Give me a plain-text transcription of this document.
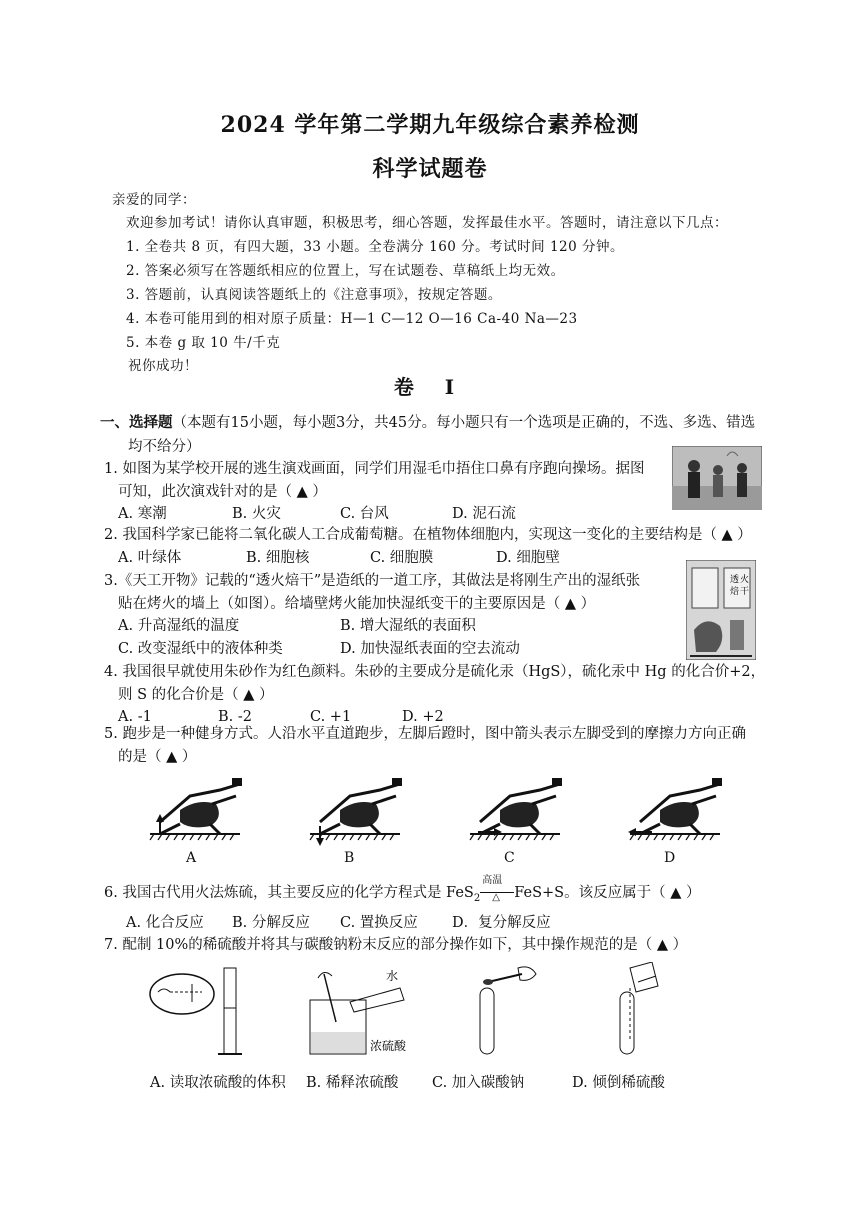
2024 学年第二学期九年级综合素养检测
科学试题卷
亲爱的同学：
欢迎参加考试！请你认真审题，积极思考，细心答题，发挥最佳水平。答题时，请注意以下几点：
1. 全卷共 8 页，有四大题，33 小题。全卷满分 160 分。考试时间 120 分钟。
2. 答案必须写在答题纸相应的位置上，写在试题卷、草稿纸上均无效。
3. 答题前，认真阅读答题纸上的《注意事项》，按规定答题。
4. 本卷可能用到的相对原子质量：H—1 C—12 O—16 Ca-40 Na—23
5. 本卷 g 取 10 牛/千克
祝你成功！
卷 I
一、选择题（本题有15小题，每小题3分，共45分。每小题只有一个选项是正确的，不选、多选、错选
均不给分）
1. 如图为某学校开展的逃生演戏画面，同学们用湿毛巾捂住口鼻有序跑向操场。据图
可知，此次演戏针对的是（ ▲ ）
A. 寒潮	B. 火灾	C. 台风	D. 泥石流
2. 我国科学家已能将二氧化碳人工合成葡萄糖。在植物体细胞内，实现这一变化的主要结构是（ ▲ ）
A. 叶绿体	B. 细胞核	C. 细胞膜	D. 细胞壁
3.《天工开物》记载的“透火焙干”是造纸的一道工序，其做法是将刚生产出的湿纸张
贴在烤火的墙上（如图）。给墙壁烤火能加快湿纸变干的主要原因是（ ▲ ）
A. 升高湿纸的温度	B. 增大湿纸的表面积
C. 改变湿纸中的液体种类	D. 加快湿纸表面的空去流动
透 火
焙 干
4. 我国很早就使用朱砂作为红色颜料。朱砂的主要成分是硫化汞（HgS），硫化汞中 Hg 的化合价+2，
则 S 的化合价是（ ▲ ）
A. -1	B. -2	C. +1	D. +2
5. 跑步是一种健身方式。人沿水平直道跑步，左脚后蹬时，图中箭头表示左脚受到的摩擦力方向正确
的是（ ▲ ）
A	B	C	D
6. 我国古代用火法炼硫，其主要反应的化学方程式是 FeS$_2$
高温
△ FeS+S。该反应属于（ ▲ ）
A. 化合反应 B. 分解反应 C. 置换反应 D．复分解反应
7. 配制 10%的稀硫酸并将其与碳酸钠粉末反应的部分操作如下，其中操作规范的是（ ▲ ）
水
浓硫酸
A. 读取浓硫酸的体积 B. 稀释浓硫酸 C. 加入碳酸钠	D. 倾倒稀硫酸
